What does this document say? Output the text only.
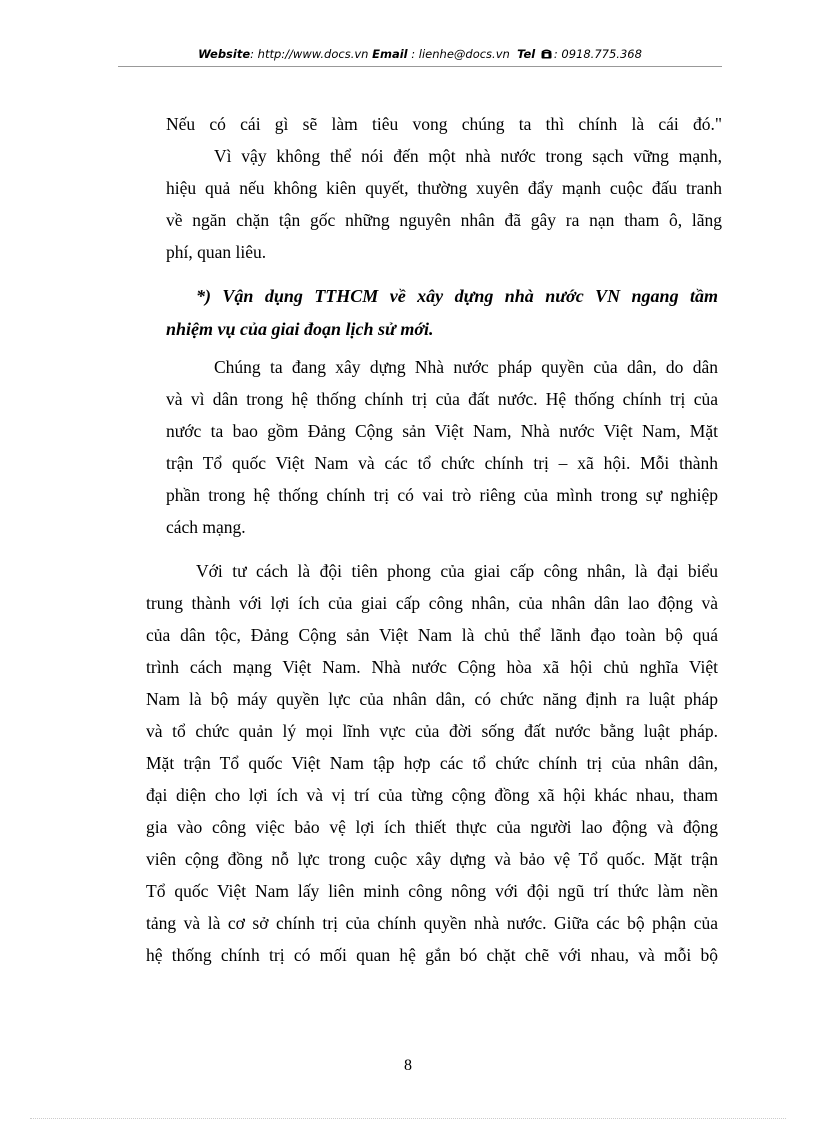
Website: http://www.docs.vn Email : lienhe@docs.vn Tel : 0918.775.368
Nếu có cái gì sẽ làm tiêu vong chúng ta thì chính là cái đó."
Vì vậy không thể nói đến một nhà nước trong sạch vững mạnh,
hiệu quả nếu không kiên quyết, thường xuyên đẩy mạnh cuộc đấu tranh
về ngăn chặn tận gốc những nguyên nhân đã gây ra nạn tham ô, lãng
phí, quan liêu.
*) Vận dụng TTHCM về xây dựng nhà nước VN ngang tầm
nhiệm vụ của giai đoạn lịch sử mới.
Chúng ta đang xây dựng Nhà nước pháp quyền của dân, do dân
và vì dân trong hệ thống chính trị của đất nước. Hệ thống chính trị của
nước ta bao gồm Đảng Cộng sản Việt Nam, Nhà nước Việt Nam, Mặt
trận Tổ quốc Việt Nam và các tổ chức chính trị – xã hội. Mỗi thành
phần trong hệ thống chính trị có vai trò riêng của mình trong sự nghiệp
cách mạng.
Với tư cách là đội tiên phong của giai cấp công nhân, là đại biểu
trung thành với lợi ích của giai cấp công nhân, của nhân dân lao động và
của dân tộc, Đảng Cộng sản Việt Nam là chủ thể lãnh đạo toàn bộ quá
trình cách mạng Việt Nam. Nhà nước Cộng hòa xã hội chủ nghĩa Việt
Nam là bộ máy quyền lực của nhân dân, có chức năng định ra luật pháp
và tổ chức quản lý mọi lĩnh vực của đời sống đất nước bằng luật pháp.
Mặt trận Tổ quốc Việt Nam tập hợp các tổ chức chính trị của nhân dân,
đại diện cho lợi ích và vị trí của từng cộng đồng xã hội khác nhau, tham
gia vào công việc bảo vệ lợi ích thiết thực của người lao động và động
viên cộng đồng nỗ lực trong cuộc xây dựng và bảo vệ Tổ quốc. Mặt trận
Tổ quốc Việt Nam lấy liên minh công nông với đội ngũ trí thức làm nền
tảng và là cơ sở chính trị của chính quyền nhà nước. Giữa các bộ phận của
hệ thống chính trị có mối quan hệ gắn bó chặt chẽ với nhau, và mỗi bộ
8
